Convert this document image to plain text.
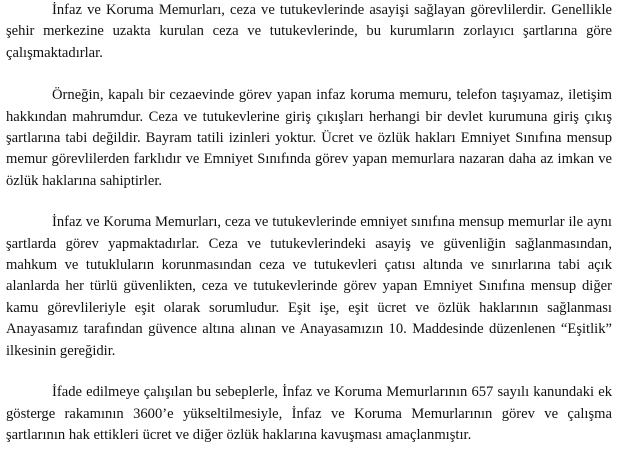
İnfaz ve Koruma Memurları, ceza ve tutukevlerinde asayişi sağlayan görevlilerdir. Genellikle şehir merkezine uzakta kurulan ceza ve tutukevlerinde, bu kurumların zorlayıcı şartlarına göre çalışmaktadırlar.

Örneğin, kapalı bir cezaevinde görev yapan infaz koruma memuru, telefon taşıyamaz, iletişim hakkından mahrumdur. Ceza ve tutukevlerine giriş çıkışları herhangi bir devlet kurumuna giriş çıkış şartlarına tabi değildir. Bayram tatili izinleri yoktur. Ücret ve özlük hakları Emniyet Sınıfına mensup memur görevlilerden farklıdır ve Emniyet Sınıfında görev yapan memurlara nazaran daha az imkan ve özlük haklarına sahiptirler.

İnfaz ve Koruma Memurları, ceza ve tutukevlerinde emniyet sınıfına mensup memurlar ile aynı şartlarda görev yapmaktadırlar. Ceza ve tutukevlerindeki asayiş ve güvenliğin sağlanmasından, mahkum ve tutukluların korunmasından ceza ve tutukevleri çatısı altında ve sınırlarına tabi açık alanlarda her türlü güvenlikten, ceza ve tutukevlerinde görev yapan Emniyet Sınıfına mensup diğer kamu görevlileriyle eşit olarak sorumludur. Eşit işe, eşit ücret ve özlük haklarının sağlanması Anayasamız tarafından güvence altına alınan ve Anayasamızın 10. Maddesinde düzenlenen “Eşitlik” ilkesinin gereğidir.

İfade edilmeye çalışılan bu sebeplerle, İnfaz ve Koruma Memurlarının 657 sayılı kanundaki ek gösterge rakamının 3600’e yükseltilmesiyle, İnfaz ve Koruma Memurlarının görev ve çalışma şartlarının hak ettikleri ücret ve diğer özlük haklarına kavuşması amaçlanmıştır.
